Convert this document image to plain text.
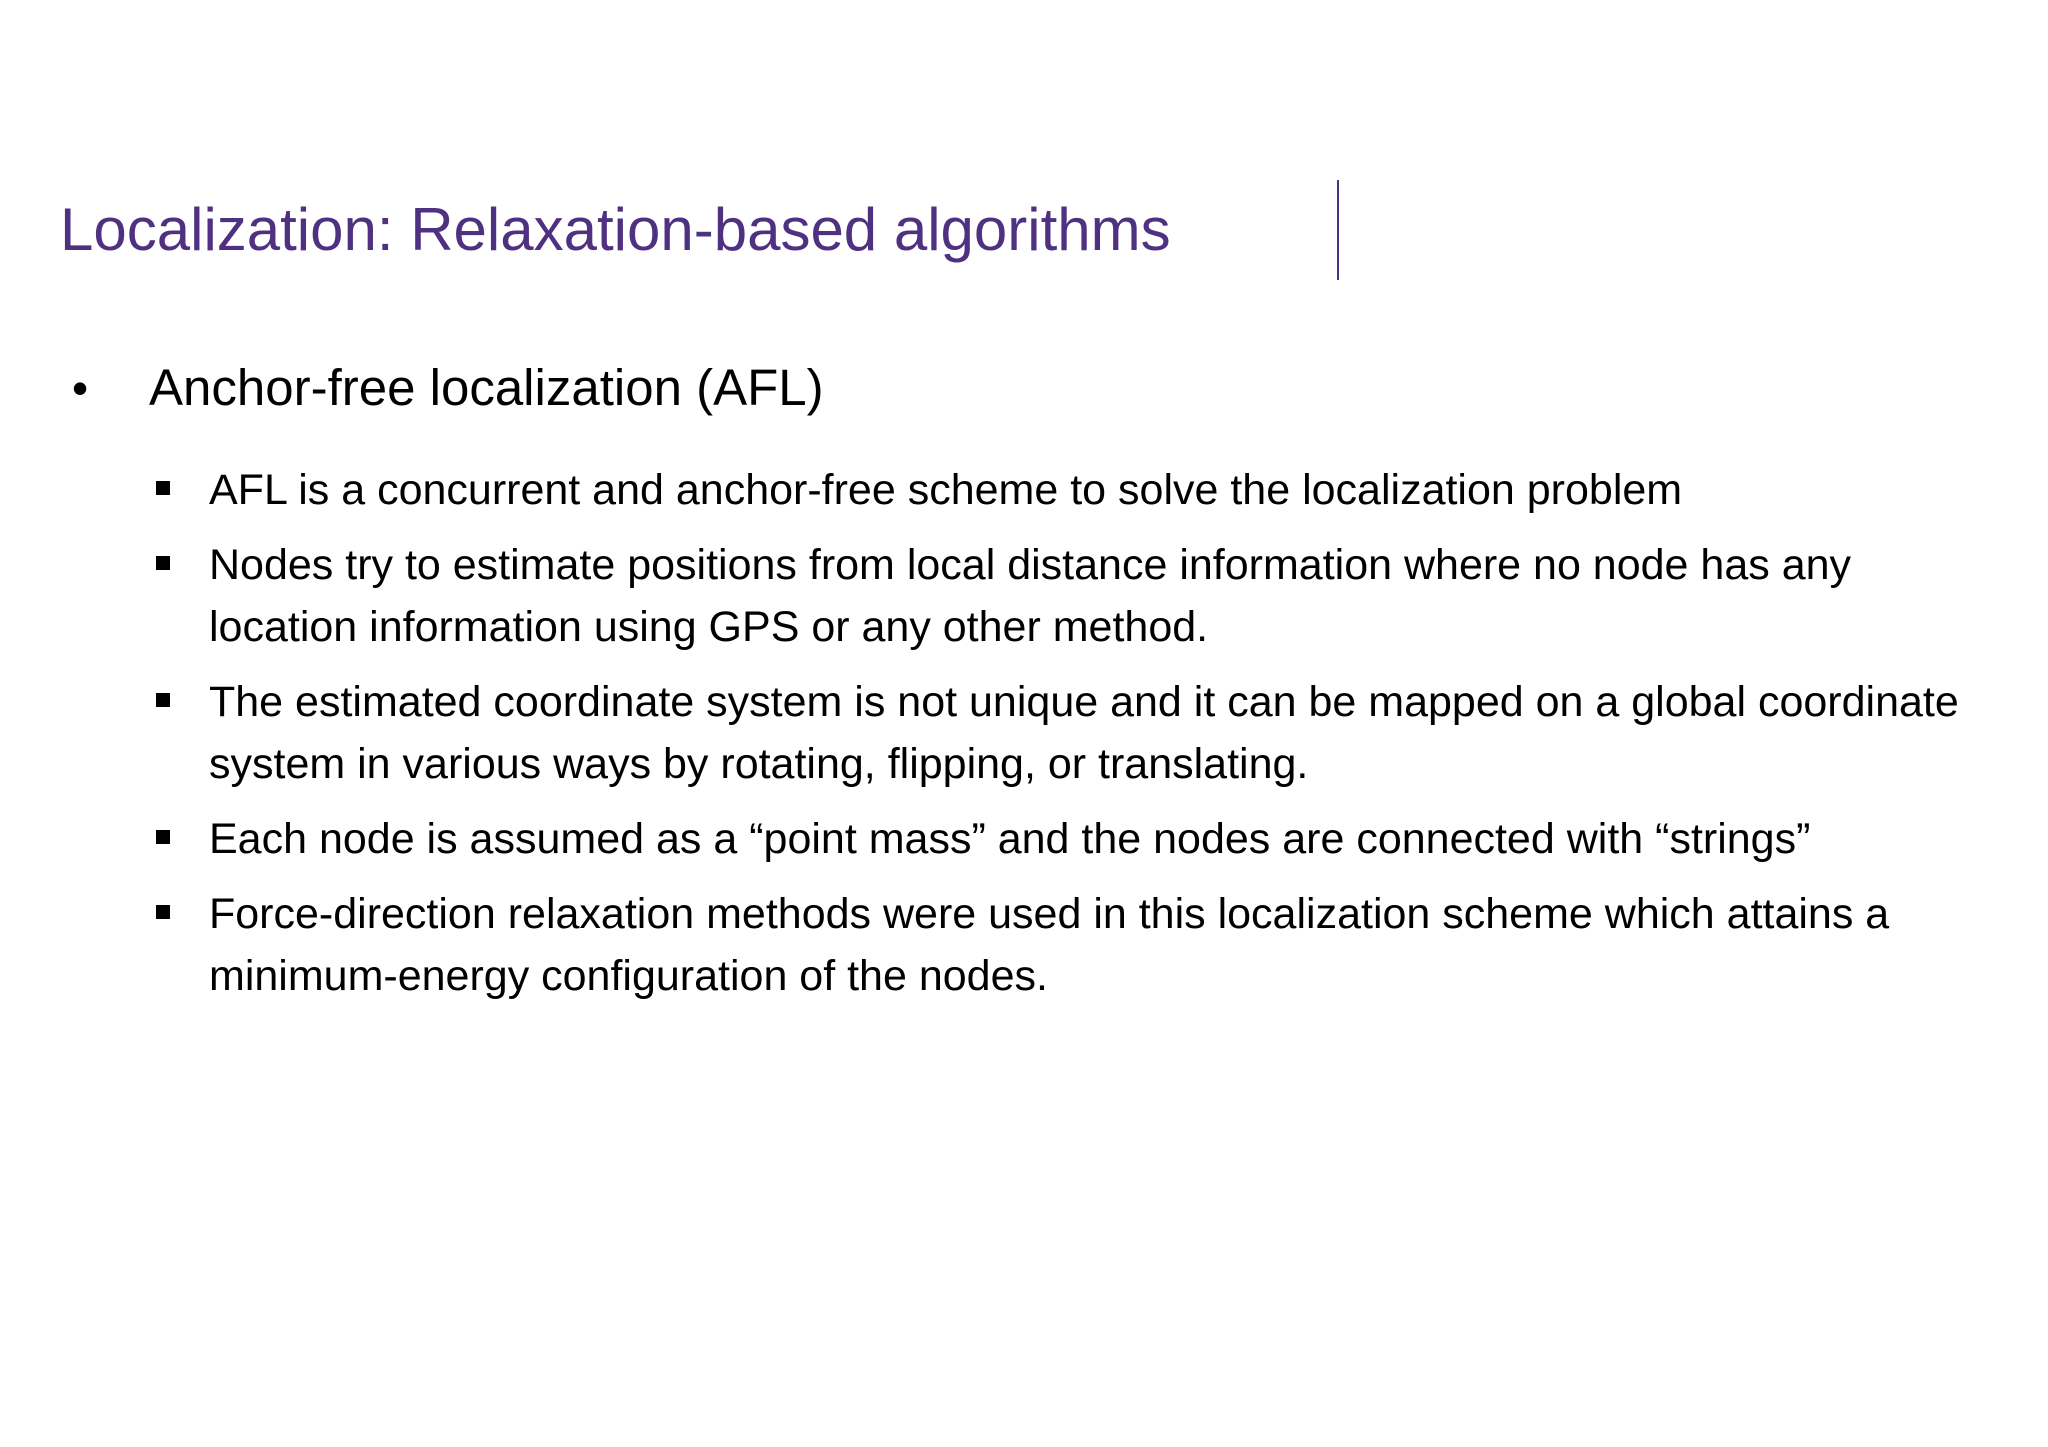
Localization: Relaxation-based algorithms
• Anchor-free localization (AFL)
AFL is a concurrent and anchor-free scheme to solve the localization problem
Nodes try to estimate positions from local distance information where no node has any location information using GPS or any other method.
The estimated coordinate system is not unique and it can be mapped on a global coordinate system in various ways by rotating, flipping, or translating.
Each node is assumed as a “point mass” and the nodes are connected with “strings”
Force-direction relaxation methods were used in this localization scheme which attains a minimum-energy configuration of the nodes.
